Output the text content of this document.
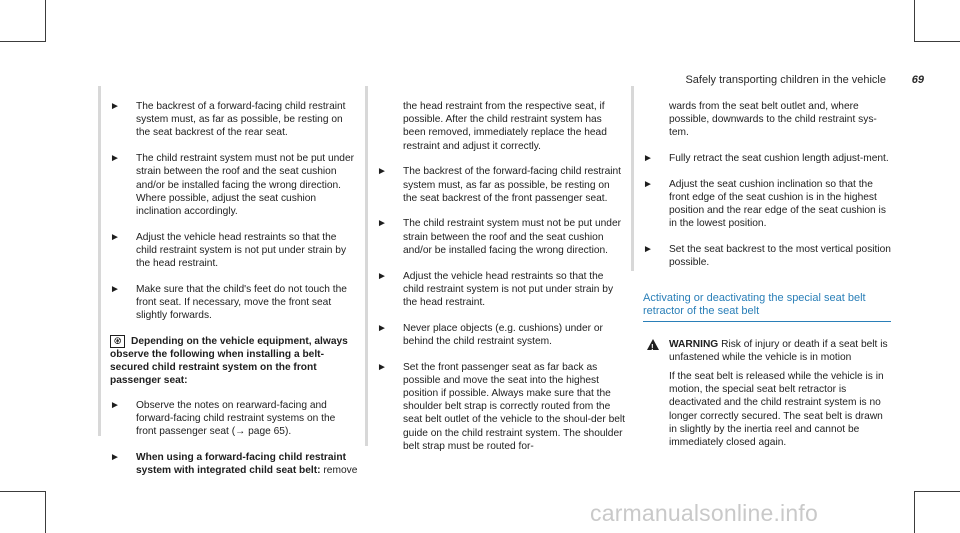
Safely transporting children in the vehicle 69
► The backrest of a forward-facing child restraint system must, as far as possible, be resting on the seat backrest of the rear seat.
► The child restraint system must not be put under strain between the roof and the seat cushion and/or be installed facing the wrong direction. Where possible, adjust the seat cushion inclination accordingly.
► Adjust the vehicle head restraints so that the child restraint system is not put under strain by the head restraint.
► Make sure that the child's feet do not touch the front seat. If necessary, move the front seat slightly forwards.
♼ Depending on the vehicle equipment, always observe the following when installing a belt-secured child restraint system on the front passenger seat:
► Observe the notes on rearward-facing and forward-facing child restraint systems on the front passenger seat (→ page 65).
► When using a forward-facing child restraint system with integrated child seat belt: remove
the head restraint from the respective seat, if possible. After the child restraint system has been removed, immediately replace the head restraint and adjust it correctly.
► The backrest of the forward-facing child restraint system must, as far as possible, be resting on the seat backrest of the front passenger seat.
► The child restraint system must not be put under strain between the roof and the seat cushion and/or be installed facing the wrong direction.
► Adjust the vehicle head restraints so that the child restraint system is not put under strain by the head restraint.
► Never place objects (e.g. cushions) under or behind the child restraint system.
► Set the front passenger seat as far back as possible and move the seat into the highest position if possible. Always make sure that the shoulder belt strap is correctly routed from the seat belt outlet of the vehicle to the shoul-der belt guide on the child restraint system. The shoulder belt strap must be routed for-
wards from the seat belt outlet and, where possible, downwards to the child restraint sys-tem.
► Fully retract the seat cushion length adjust-ment.
► Adjust the seat cushion inclination so that the front edge of the seat cushion is in the highest position and the rear edge of the seat cushion is in the lowest position.
► Set the seat backrest to the most vertical position possible.
Activating or deactivating the special seat belt retractor of the seat belt
! WARNING Risk of injury or death if a seat belt is unfastened while the vehicle is in motion

If the seat belt is released while the vehicle is in motion, the special seat belt retractor is deactivated and the child restraint system is no longer correctly secured. The seat belt is drawn in slightly by the inertia reel and cannot be immediately closed again.

carmanualsonline.info
